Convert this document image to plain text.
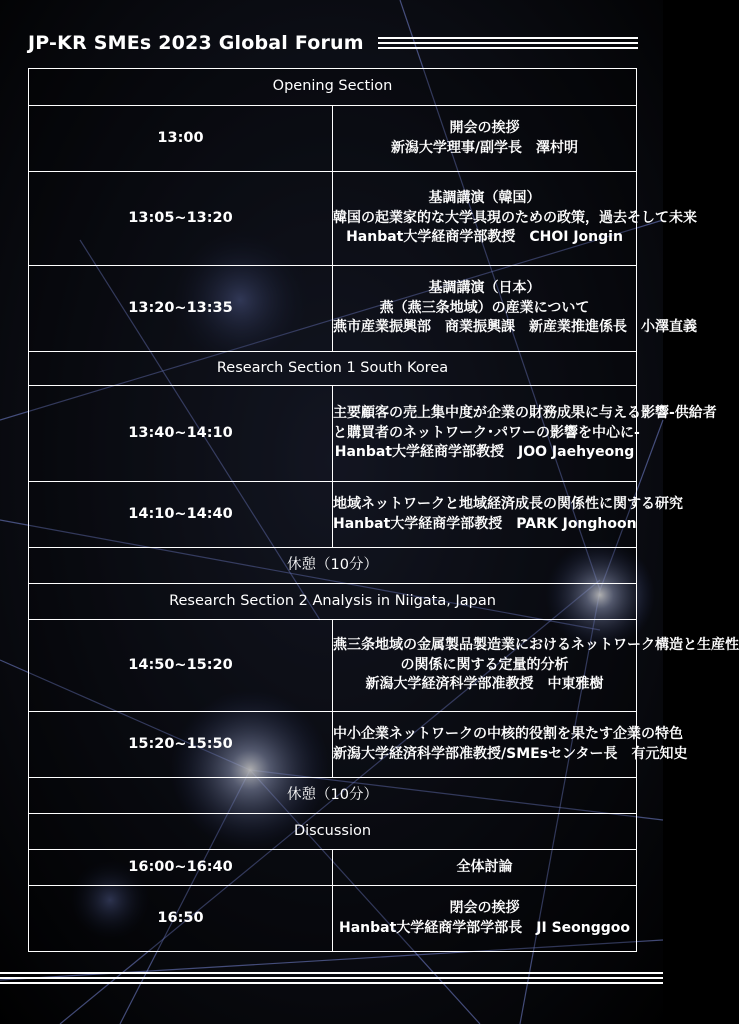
JP-KR SMEs 2023 Global Forum
Opening Section	
13:00	開会の挨拶
新潟大学理事/副学長　澤村明

13:05~13:20	基調講演（韓国）
韓国の起業家的な大学具現のための政策，過去そして未来
Hanbat大学経商学部教授　CHOI Jongin

13:20~13:35	基調講演（日本）
燕（燕三条地域）の産業について
燕市産業振興部　商業振興課　新産業推進係長　小澤直義

Research Section 1 South Korea	
13:40~14:10	主要顧客の売上集中度が企業の財務成果に与える影響-供給者
と購買者のネットワーク･パワーの影響を中心に-
Hanbat大学経商学部教授　JOO Jaehyeong

14:10~14:40	地域ネットワークと地域経済成長の関係性に関する研究
Hanbat大学経商学部教授　PARK Jonghoon

休憩（10分）	
Research Section 2 Analysis in Niigata, Japan	
14:50~15:20	燕三条地域の金属製品製造業におけるネットワーク構造と生産性
の関係に関する定量的分析
新潟大学経済科学部准教授　中東雅樹

15:20~15:50	中小企業ネットワークの中核的役割を果たす企業の特色
新潟大学経済科学部准教授/SMEsセンター長　有元知史

休憩（10分）	
Discussion	
16:00~16:40	全体討論

16:50	閉会の挨拶
Hanbat大学経商学部学部長　JI Seonggoo
